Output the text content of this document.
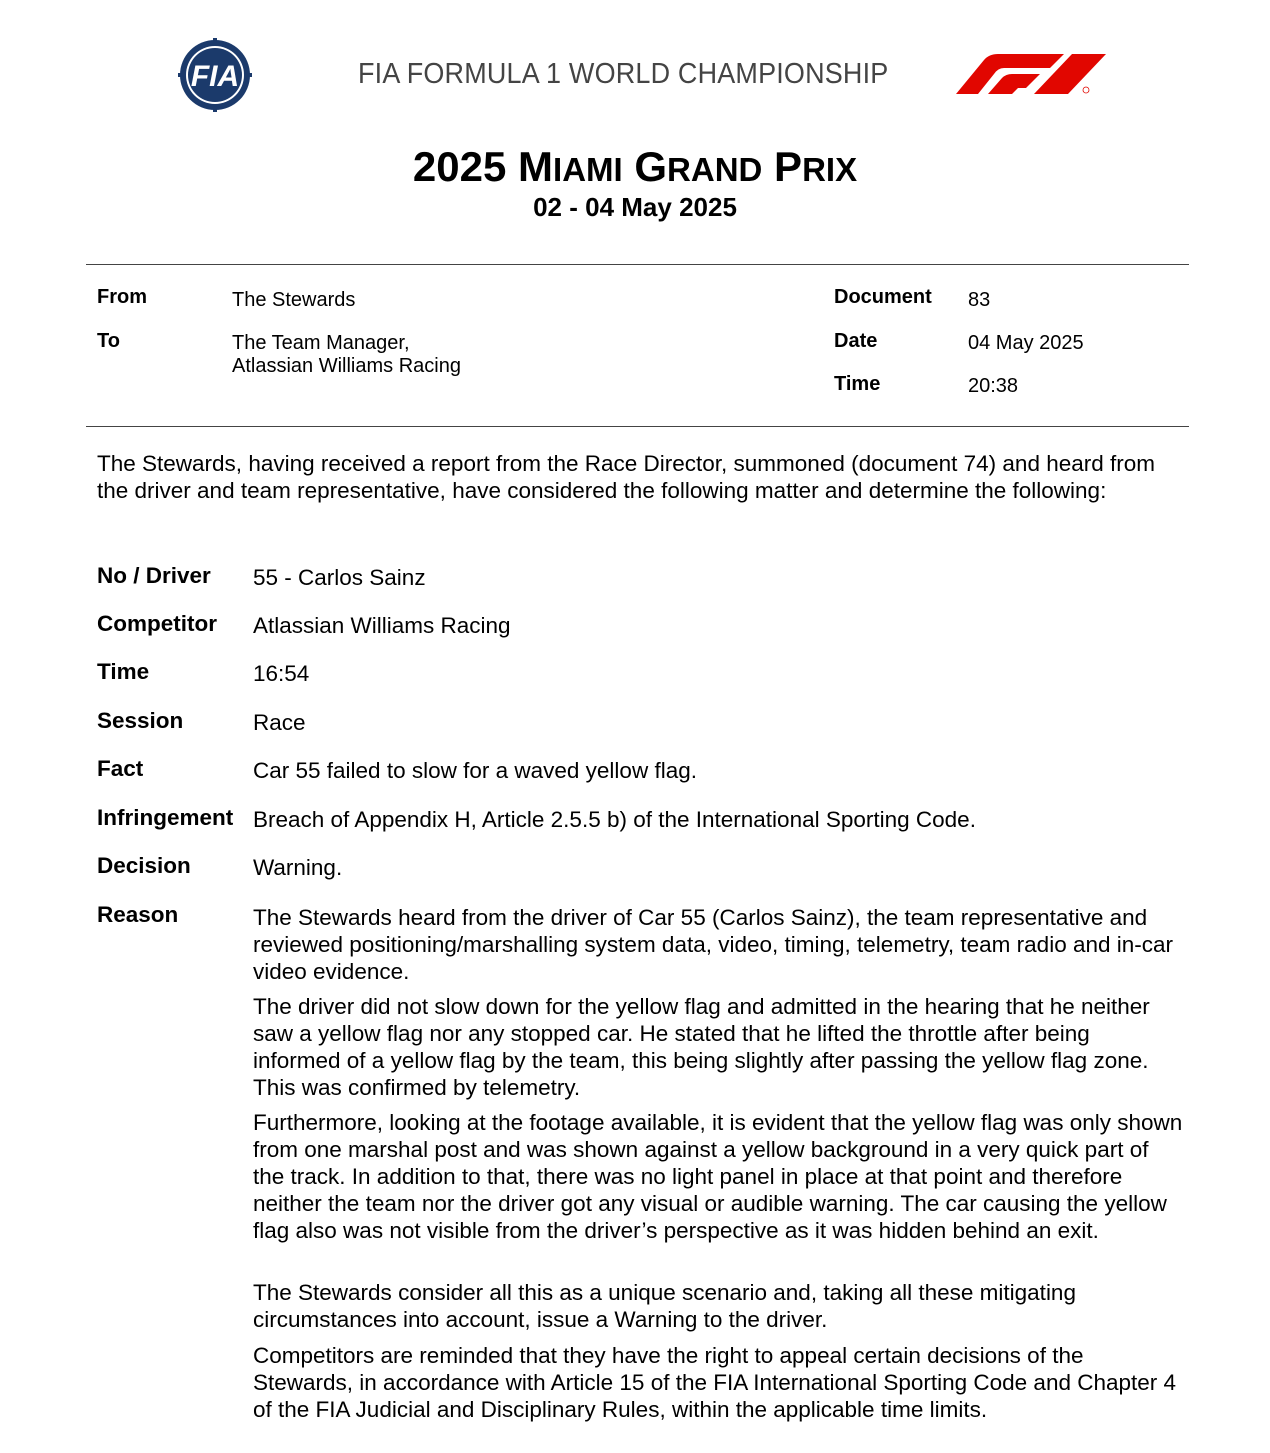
FIA	FIA FORMULA 1 WORLD CHAMPIONSHIP
2025 MIAMI GRAND PRIX
02 - 04 May 2025
From	The Stewards
To	The Team Manager,
Atlassian Williams Racing
Document 83
Date	04 May 2025
Time	20:38
The Stewards, having received a report from the Race Director, summoned (document 74) and heard from the driver and team representative, have considered the following matter and determine the following:
No / Driver 55 - Carlos Sainz
Competitor Atlassian Williams Racing
Time	16:54
Session	Race
Fact	Car 55 failed to slow for a waved yellow flag.
Infringement Breach of Appendix H, Article 2.5.5 b) of the International Sporting Code.
Decision	Warning.
Reason	The Stewards heard from the driver of Car 55 (Carlos Sainz), the team representative and reviewed positioning/marshalling system data, video, timing, telemetry, team radio and in-car video evidence.
The driver did not slow down for the yellow flag and admitted in the hearing that he neither saw a yellow flag nor any stopped car. He stated that he lifted the throttle after being informed of a yellow flag by the team, this being slightly after passing the yellow flag zone. This was confirmed by telemetry.
Furthermore, looking at the footage available, it is evident that the yellow flag was only shown from one marshal post and was shown against a yellow background in a very quick part of the track. In addition to that, there was no light panel in place at that point and therefore neither the team nor the driver got any visual or audible warning. The car causing the yellow flag also was not visible from the driver’s perspective as it was hidden behind an exit.
The Stewards consider all this as a unique scenario and, taking all these mitigating circumstances into account, issue a Warning to the driver.
Competitors are reminded that they have the right to appeal certain decisions of the Stewards, in accordance with Article 15 of the FIA International Sporting Code and Chapter 4 of the FIA Judicial and Disciplinary Rules, within the applicable time limits.
